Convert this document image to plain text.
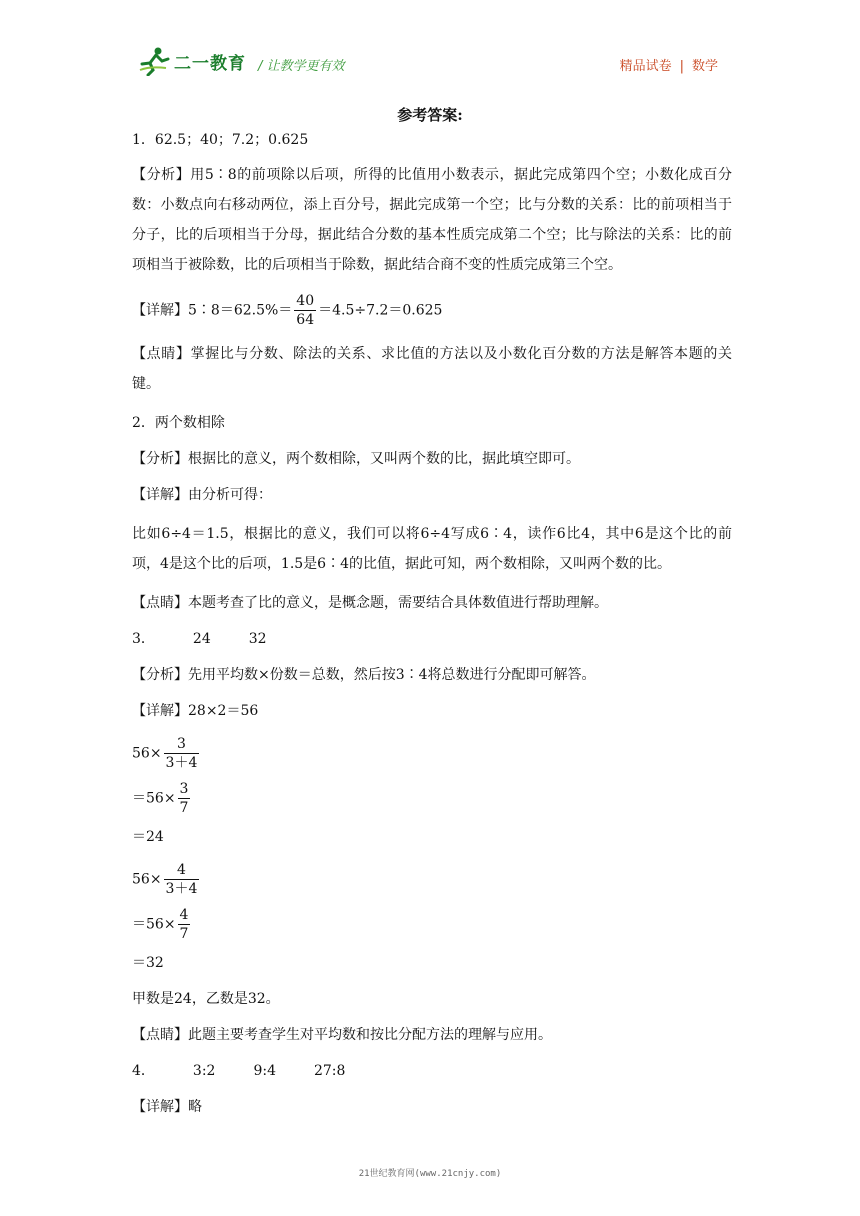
二一教育 / 让教学更有效	精品试卷 | 数学
参考答案:
1．62.5；40；7.2；0.625
【分析】用5∶8的前项除以后项，所得的比值用小数表示，据此完成第四个空；小数化成百分数：小数点向右移动两位，添上百分号，据此完成第一个空；比与分数的关系：比的前项相当于分子，比的后项相当于分母，据此结合分数的基本性质完成第二个空；比与除法的关系：比的前项相当于被除数，比的后项相当于除数，据此结合商不变的性质完成第三个空。
【详解】5∶8＝62.5%＝ $\frac{40}{64} =4.5\div 7.2=0.625$
【点睛】掌握比与分数、除法的关系、求比值的方法以及小数化百分数的方法是解答本题的关键。
2．两个数相除
【分析】根据比的意义，两个数相除，又叫两个数的比，据此填空即可。
【详解】由分析可得：
比如6÷4＝1.5，根据比的意义，我们可以将6÷4写成6∶4，读作6比4，其中6是这个比的前项，4是这个比的后项，1.5是6∶4的比值，据此可知，两个数相除，又叫两个数的比。
【点睛】本题考查了比的意义，是概念题，需要结合具体数值进行帮助理解。
3．	24	32
【分析】先用平均数×份数＝总数，然后按3∶4将总数进行分配即可解答。
【详解】28×2＝56
$56\times \frac{3}{3+4}$
$=56\times \frac{3}{7}$
＝24
$56\times \frac{4}{3+4}$
$=56\times \frac{4}{7}$
＝32
甲数是24，乙数是32。
【点睛】此题主要考查学生对平均数和按比分配方法的理解与应用。
4．	3:2	9:4	27:8
【详解】略
21世纪教育网(www.21cnjy.com)
